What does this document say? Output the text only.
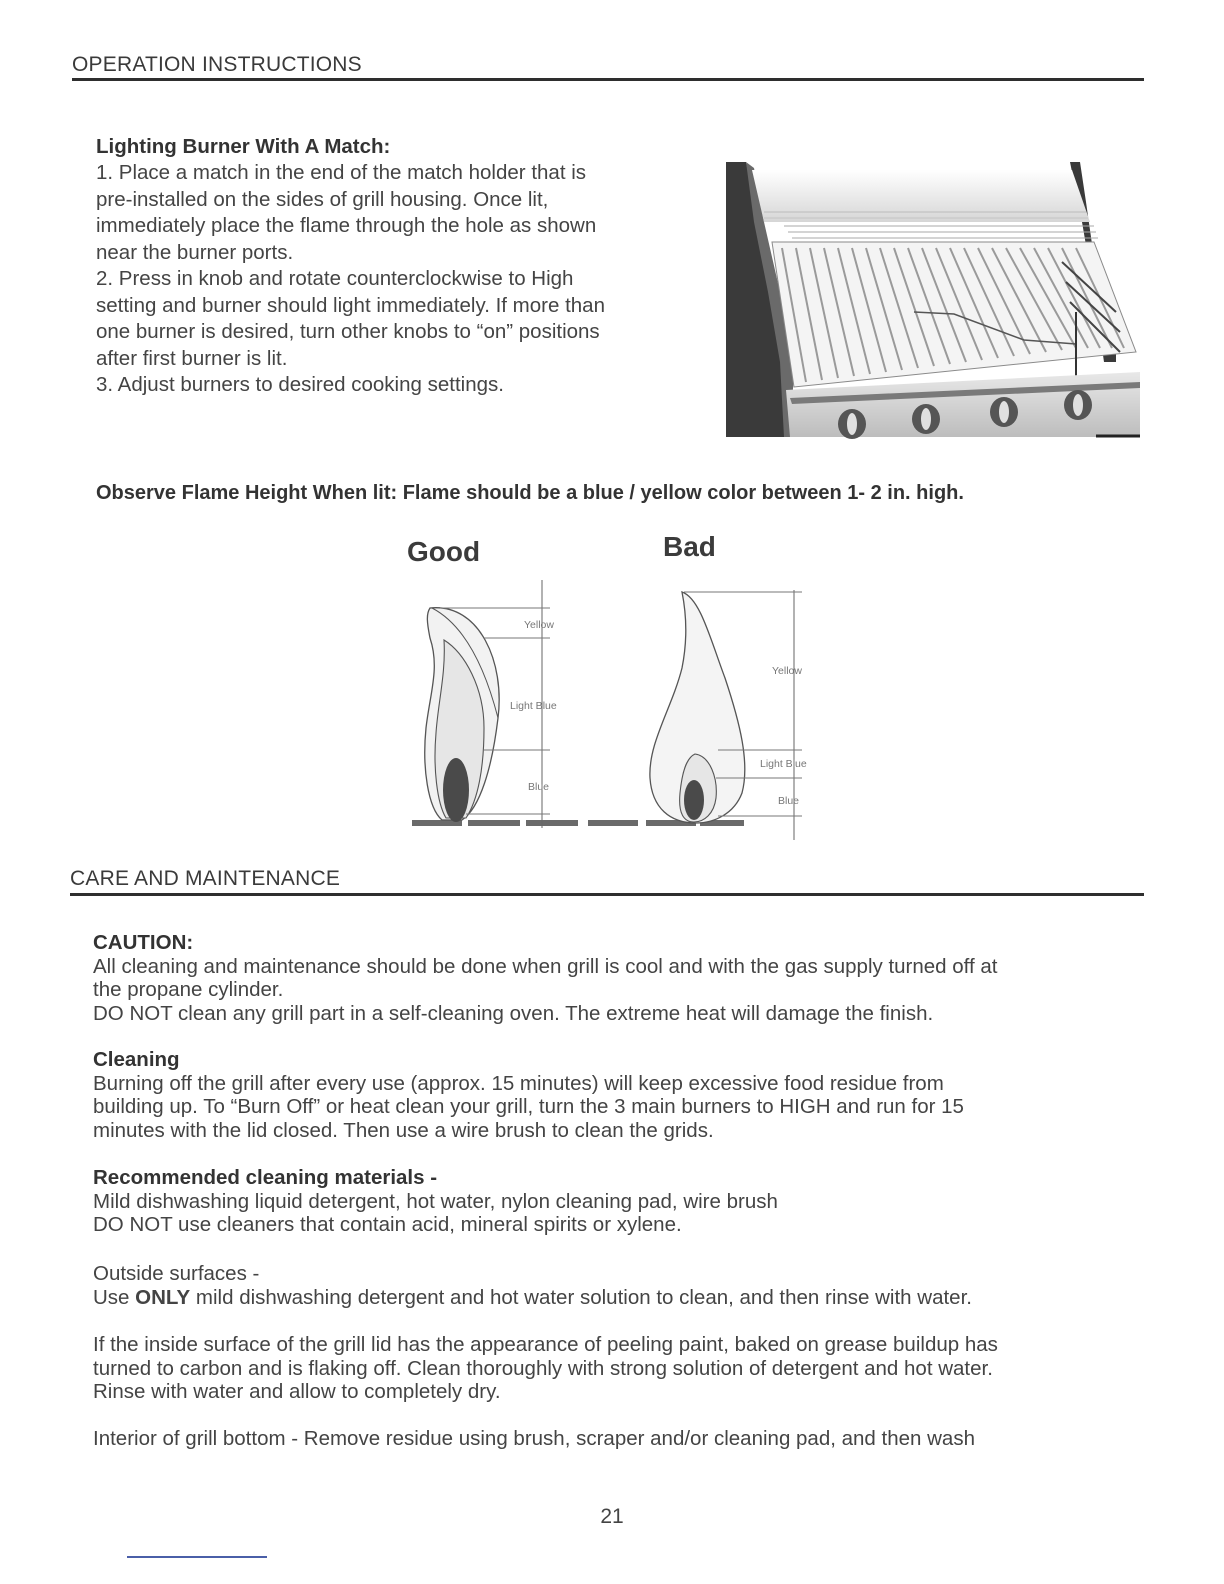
OPERATION INSTRUCTIONS
Lighting Burner With A Match:
1. Place a match in the end of the match holder that is
pre-installed on the sides of grill housing. Once lit,
immediately place the flame through the hole as shown
near the burner ports.
2. Press in knob and rotate counterclockwise to High
setting and burner should light immediately. If more than
one burner is desired, turn other knobs to “on” positions
after first burner is lit.
3. Adjust burners to desired cooking settings.
Observe Flame Height When lit: Flame should be a blue / yellow color between 1- 2 in. high.
Good	Bad
Yellow
Light Blue
Blue
Yellow
Light Blue
Blue
CARE AND MAINTENANCE

CAUTION:

All cleaning and maintenance should be done when grill is cool and with the gas supply turned off at

the propane cylinder.

DO NOT clean any grill part in a self-cleaning oven. The extreme heat will damage the finish.

Cleaning

Burning off the grill after every use (approx. 15 minutes) will keep excessive food residue from

building up. To “Burn Off” or heat clean your grill, turn the 3 main burners to HIGH and run for 15

minutes with the lid closed. Then use a wire brush to clean the grids.

Recommended cleaning materials -

Mild dishwashing liquid detergent, hot water, nylon cleaning pad, wire brush

DO NOT use cleaners that contain acid, mineral spirits or xylene.

Outside surfaces -

Use ONLY mild dishwashing detergent and hot water solution to clean, and then rinse with water.

If the inside surface of the grill lid has the appearance of peeling paint, baked on grease buildup has

turned to carbon and is flaking off. Clean thoroughly with strong solution of detergent and hot water.

Rinse with water and allow to completely dry.

Interior of grill bottom - Remove residue using brush, scraper and/or cleaning pad, and then wash
21
